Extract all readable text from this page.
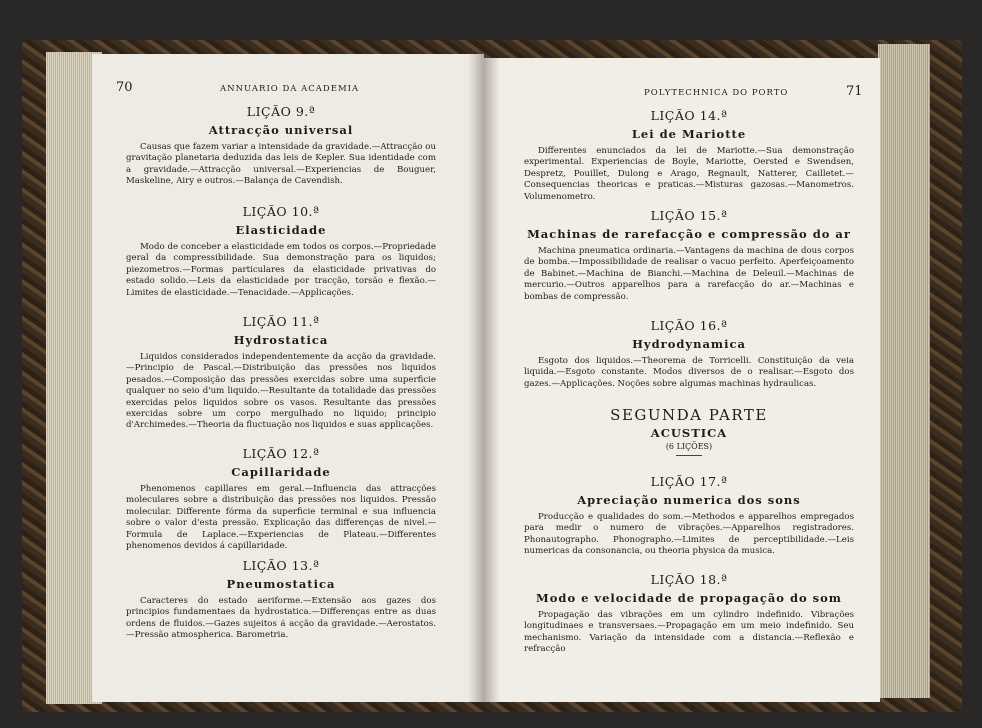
70	ANNUARIO DA ACADEMIA
LIÇÃO 9.ª
Attracção universal
Causas que fazem variar a intensidade da gravidade.—Attracção ou gravitação planetaria deduzida das leis de Kepler. Sua identidade com a gravidade.—Attracção universal.—Experiencias de Bouguer, Maskeline, Airy e outros.—Balança de Cavendish.
LIÇÃO 10.ª
Elasticidade
Modo de conceber a elasticidade em todos os corpos.—Propriedade geral da compressibilidade. Sua demonstração para os liquidos; piezometros.—Formas particulares da elasticidade privativas do estado solido.—Leis da elasticidade por tracção, torsão e flexão.—Limites de elasticidade.—Tenacidade.—Applicações.
LIÇÃO 11.ª
Hydrostatica
Liquidos considerados independentemente da acção da gravidade.—Principio de Pascal.—Distribuição das pressões nos liquidos pesados.—Composição das pressões exercidas sobre uma superficie qualquer no seio d'um liquido.—Resultante da totalidade das pressões exercidas pelos liquidos sobre os vasos. Resultante das pressões exercidas sobre um corpo mergulhado no liquido; principio d'Archimedes.—Theoria da fluctuação nos liquidos e suas applicações.
LIÇÃO 12.ª
Capillaridade
Phenomenos capillares em geral.—Influencia das attracções moleculares sobre a distribuição das pressões nos liquidos. Pressão molecular. Differente fórma da superficie terminal e sua influencia sobre o valor d'esta pressão. Explicação das differenças de nivel.—Formula de Laplace.—Experiencias de Plateau.—Differentes phenomenos devidos á capillaridade.
LIÇÃO 13.ª
Pneumostatica
Caracteres do estado aeriforme.—Extensão aos gazes dos principios fundamentaes da hydrostatica.—Differenças entre as duas ordens de fluidos.—Gazes sujeitos á acção da gravidade.—Aerostatos.—Pressão atmospherica. Barometria.
POLYTECHNICA DO PORTO	71
LIÇÃO 14.ª
Lei de Mariotte
Differentes enunciados da lei de Mariotte.—Sua demonstração experimental. Experiencias de Boyle, Mariotte, Oersted e Swendsen, Despretz, Pouillet, Dulong e Arago, Regnault, Natterer, Cailletet.—Consequencias theoricas e praticas.—Misturas gazosas.—Manometros. Volumenometro.
LIÇÃO 15.ª
Machinas de rarefacção e compressão do ar
Machina pneumatica ordinaria.—Vantagens da machina de dous corpos de bomba.—Impossibilidade de realisar o vacuo perfeito. Aperfeiçoamento de Babinet.—Machina de Bianchi.—Machina de Deleuil.—Machinas de mercurio.—Outros apparelhos para a rarefacção do ar.—Machinas e bombas de compressão.
LIÇÃO 16.ª
Hydrodynamica
Esgoto dos liquidos.—Theorema de Torricelli. Constituição da veia liquida.—Esgoto constante. Modos diversos de o realisar.—Esgoto dos gazes.—Applicações. Noções sobre algumas machinas hydraulicas.
SEGUNDA PARTE
ACUSTICA
(6 LIÇÕES)
LIÇÃO 17.ª
Apreciação numerica dos sons
Producção e qualidades do som.—Methodos e apparelhos empregados para medir o numero de vibrações.—Apparelhos registradores. Phonautographo. Phonographo.—Limites de perceptibilidade.—Leis numericas da consonancia, ou theoria physica da musica.
LIÇÃO 18.ª
Modo e velocidade de propagação do som
Propagação das vibrações em um cylindro indefinido. Vibrações longitudinaes e transversaes.—Propagação em um meio indefinido. Seu mechanismo. Variação da intensidade com a distancia.—Reflexão e refracção
